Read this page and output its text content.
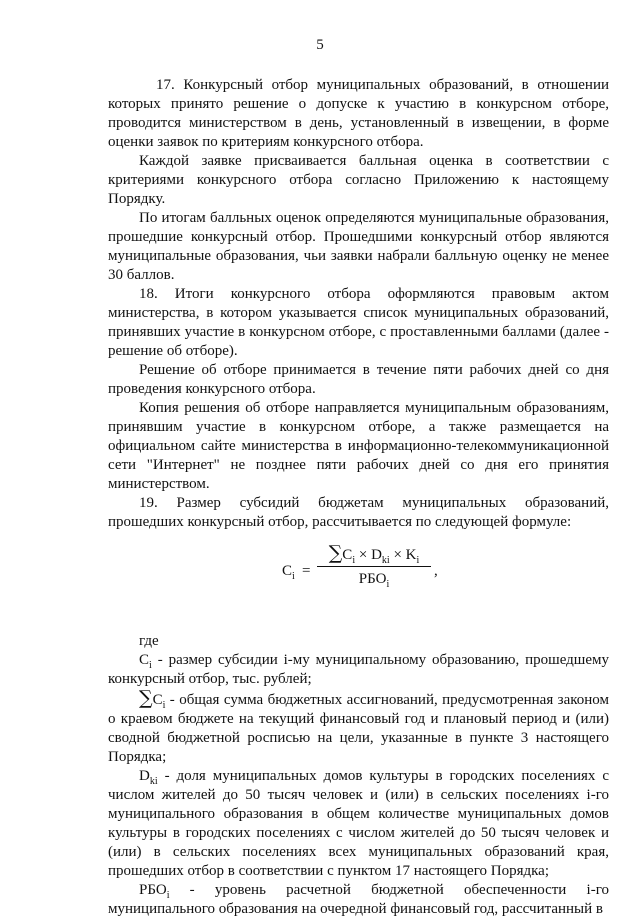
5

17. Конкурсный отбор муниципальных образований, в отношении которых принято решение о допуске к участию в конкурсном отборе, проводится министерством в день, установленный в извещении, в форме оценки заявок по критериям конкурсного отбора.

Каждой заявке присваивается балльная оценка в соответствии с критериями конкурсного отбора согласно Приложению к настоящему Порядку.

По итогам балльных оценок определяются муниципальные образования, прошедшие конкурсный отбор. Прошедшими конкурсный отбор являются муниципальные образования, чьи заявки набрали балльную оценку не менее 30 баллов.

18. Итоги конкурсного отбора оформляются правовым актом министерства, в котором указывается список муниципальных образований, принявших участие в конкурсном отборе, с проставленными баллами (далее - решение об отборе).

Решение об отборе принимается в течение пяти рабочих дней со дня проведения конкурсного отбора.

Копия решения об отборе направляется муниципальным образованиям, принявшим участие в конкурсном отборе, а также размещается на официальном сайте министерства в информационно-телекоммуникационной сети "Интернет" не позднее пяти рабочих дней со дня его принятия министерством.

19. Размер субсидий бюджетам муниципальных образований, прошедших конкурсный отбор, рассчитывается по следующей формуле:

$C_i$ =
$\sum C_i \times D_{ki} \times K_i$
$РБО_i$
,

где

$C_i$ - размер субсидии i-му муниципальному образованию, прошедшему конкурсный отбор, тыс. рублей;

$\sum C_i$ - общая сумма бюджетных ассигнований, предусмотренная законом о краевом бюджете на текущий финансовый год и плановый период и (или) сводной бюджетной росписью на цели, указанные в пункте 3 настоящего Порядка;

$D_{ki}$ - доля муниципальных домов культуры в городских поселениях с числом жителей до 50 тысяч человек и (или) в сельских поселениях i-го муниципального образования в общем количестве муниципальных домов культуры в городских поселениях с числом жителей до 50 тысяч человек и (или) в сельских поселениях всех муниципальных образований края, прошедших отбор в соответствии с пунктом 17 настоящего Порядка;

$РБО_i$ - уровень расчетной бюджетной обеспеченности i-го муниципального образования на очередной финансовый год, рассчитанный в
